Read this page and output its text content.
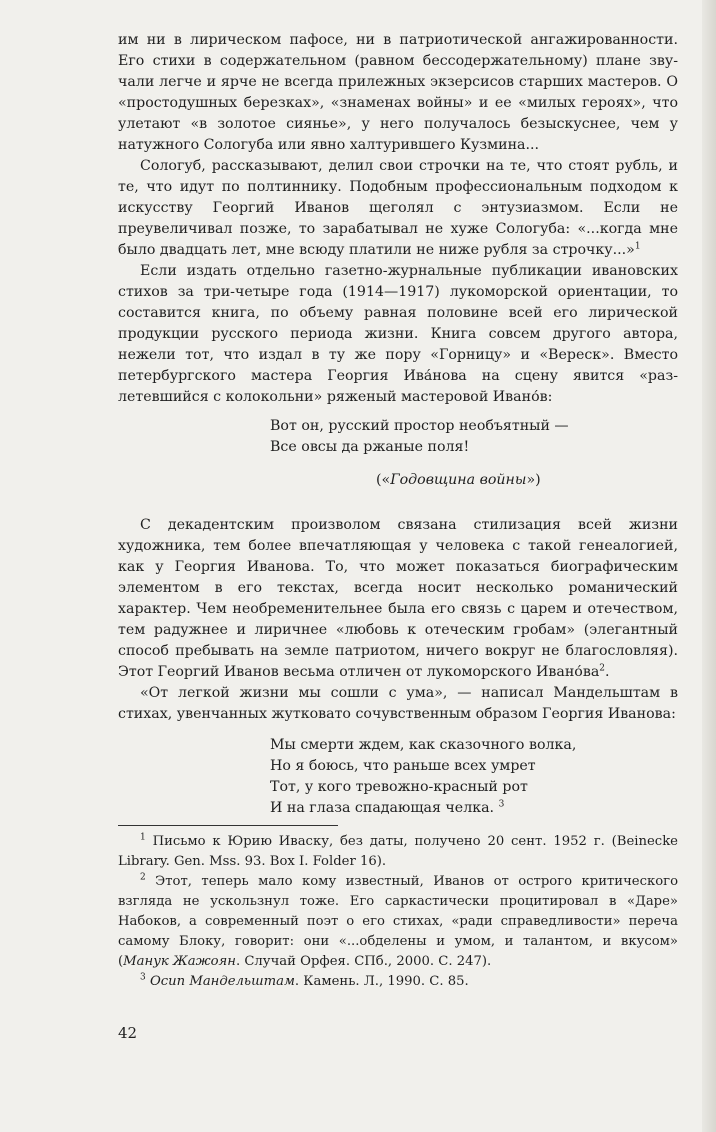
им ни в лирическом пафосе, ни в патриотической ангажированности. Его стихи в содержательном (равном бессодержательному) плане звучали легче и ярче не всегда прилежных экзерсисов старших мастеров. О «простодушных березках», «знаменах войны» и ее «милых героях», что улетают «в золотое сиянье», у него получалось безыскуснее, чем у натужного Сологуба или явно халтурившего Кузмина...

Сологуб, рассказывают, делил свои строчки на те, что стоят рубль, и те, что идут по полтиннику. Подобным профессиональным подходом к искусству Георгий Иванов щеголял с энтузиазмом. Если не преувеличивал позже, то зарабатывал не хуже Сологуба: «...когда мне было двадцать лет, мне всюду платили не ниже рубля за строчку...»$^1$

Если издать отдельно газетно-журнальные публикации ивановских стихов за три-четыре года (1914—1917) лукоморской ориентации, то составится книга, по объему равная половине всей его лирической продукции русского периода жизни. Книга совсем другого автора, нежели тот, что издал в ту же пору «Горницу» и «Вереск». Вместо петербургского мастера Георгия Ива́нова на сцену явится «разлетевшийся с колокольни» ряженый мастеровой Ивано́в:

Вот он, русский простор необъятный —
Все овсы да ржаные поля!

(«Годовщина войны»)

С декадентским произволом связана стилизация всей жизни художника, тем более впечатляющая у человека с такой генеалогией, как у Георгия Иванова. То, что может показаться биографическим элементом в его текстах, всегда носит несколько романический характер. Чем необременительнее была его связь с царем и отечеством, тем радужнее и лиричнее «любовь к отеческим гробам» (элегантный способ пребывать на земле патриотом, ничего вокруг не благословляя). Этот Георгий Иванов весьма отличен от лукоморского $Ивано́ва^2$.

«От легкой жизни мы сошли с ума», — написал Мандельштам в стихах, увенчанных жутковато сочувственным образом Георгия Иванова:

Мы смерти ждем, как сказочного волка,
Но я боюсь, что раньше всех умрет
Тот, у кого тревожно-красный рот
И на глаза спадающая челка. $^3$

$^1$ Письмо к Юрию Иваску, без даты, получено 20 сент. 1952 г. (Beinecke Library. Gen. Mss. 93. Box I. Folder 16).

$^2$ Этот, теперь мало кому известный, Иванов от острого критического взгляда не ускользнул тоже. Его саркастически процитировал в «Даре» Набоков, а современный поэт о его стихах, «ради справедливости» переча самому Блоку, говорит: они «...обделены и умом, и талантом, и вкусом» (Манук Жажоян. Случай Орфея. СПб., 2000. С. 247).

$^3$ Осип Мандельштам. Камень. Л., 1990. С. 85.

42
